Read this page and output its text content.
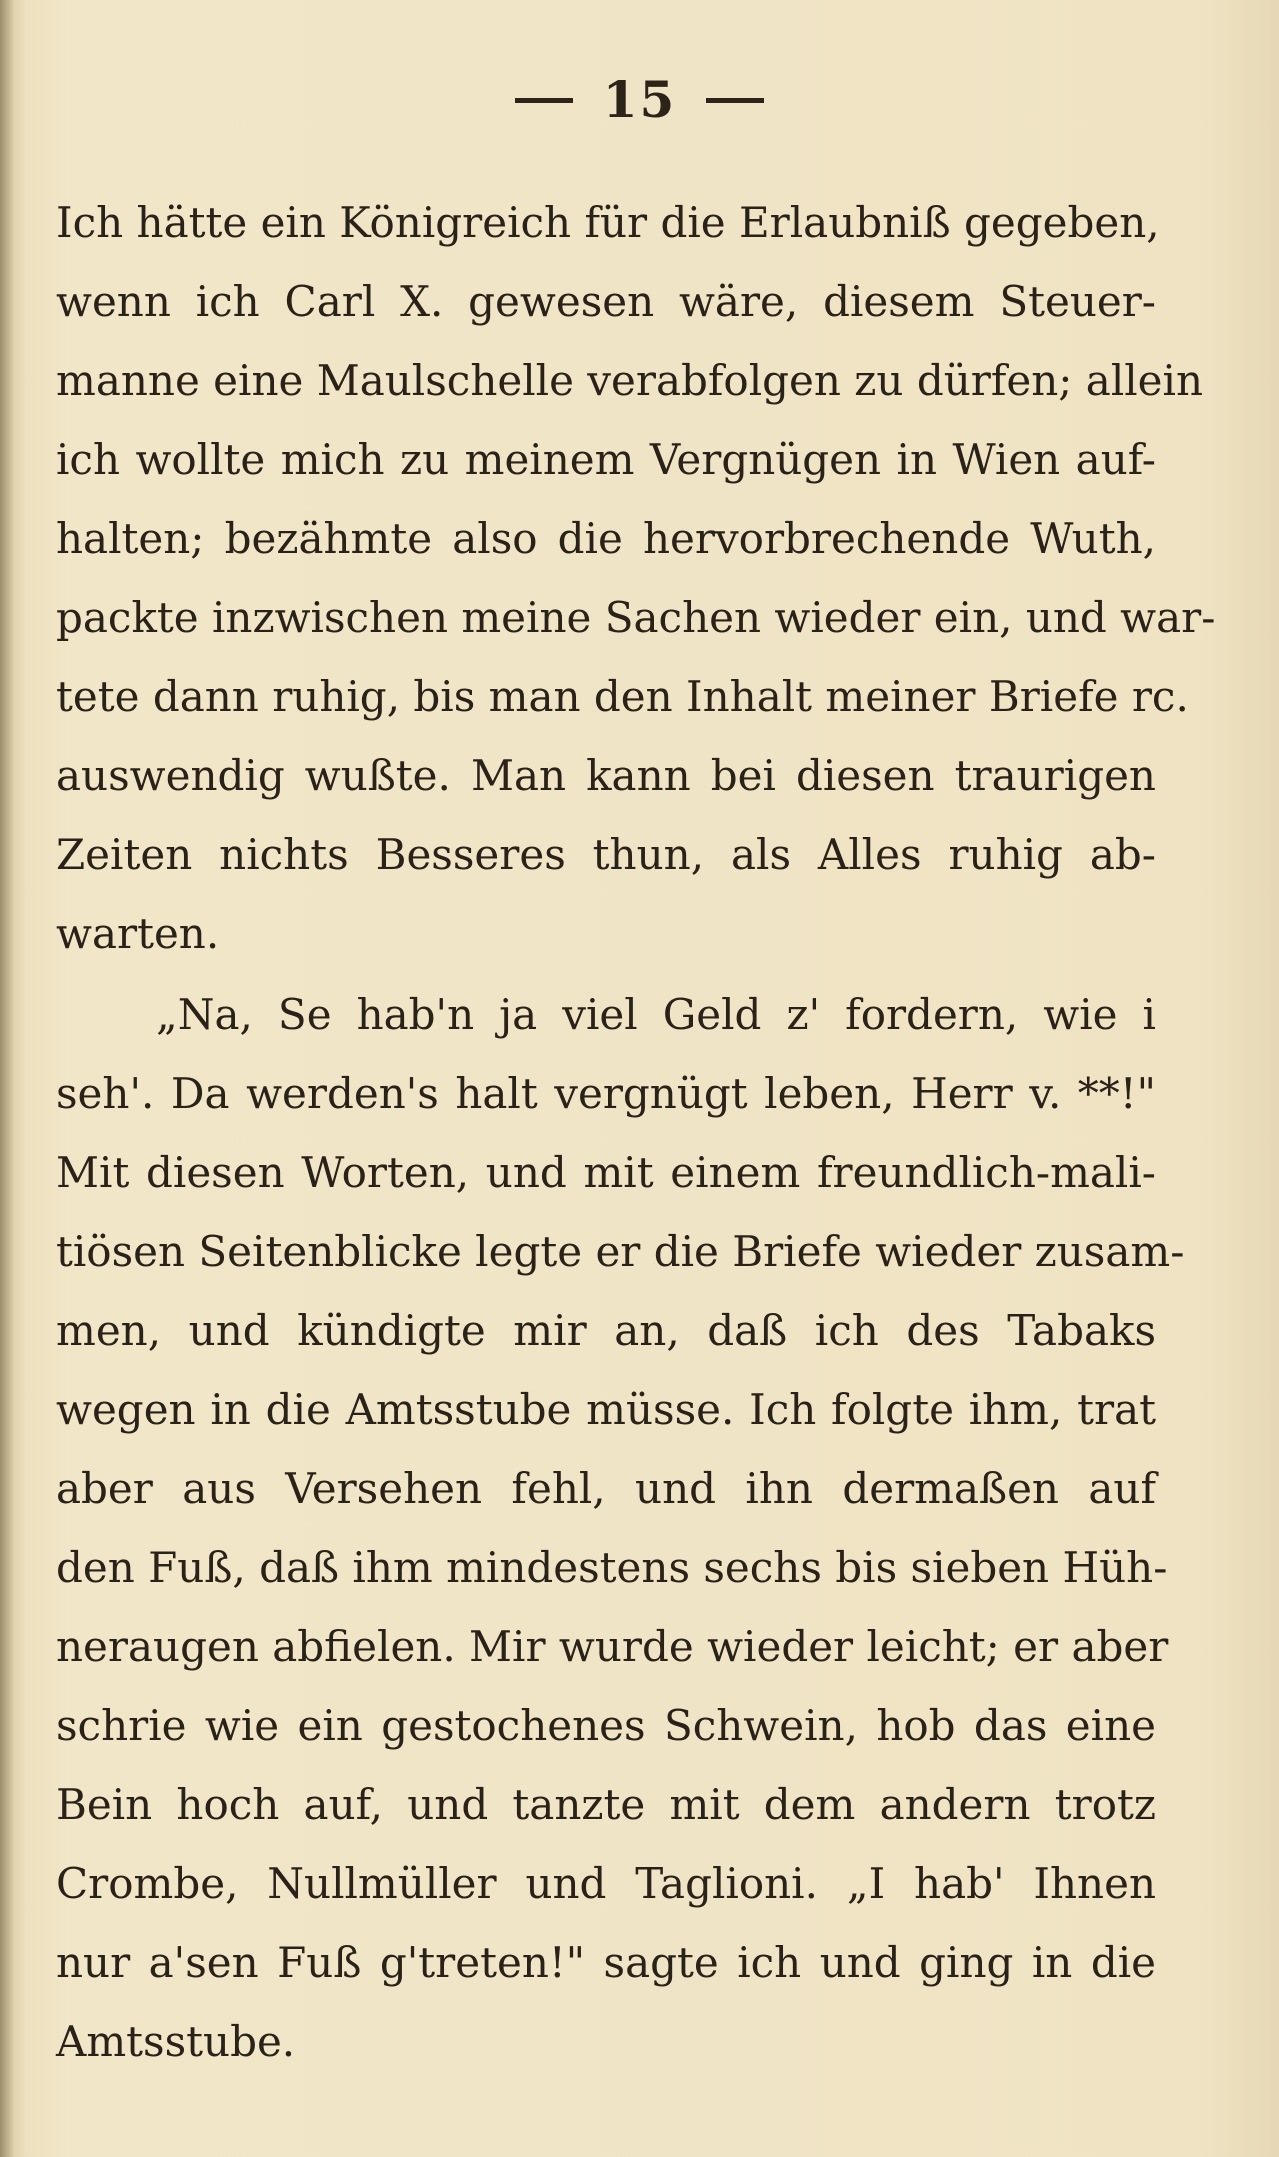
15
Ich hätte ein Königreich für die Erlaubniß gegeben,
wenn ich Carl X. gewesen wäre, diesem Steuer-
manne eine Maulschelle verabfolgen zu dürfen; allein
ich wollte mich zu meinem Vergnügen in Wien auf-
halten; bezähmte also die hervorbrechende Wuth,
packte inzwischen meine Sachen wieder ein, und war-
tete dann ruhig, bis man den Inhalt meiner Briefe rc.
auswendig wußte. Man kann bei diesen traurigen
Zeiten nichts Besseres thun, als Alles ruhig ab-
warten.
„Na, Se hab'n ja viel Geld z' fordern, wie i
seh'. Da werden's halt vergnügt leben, Herr v. **!"
Mit diesen Worten, und mit einem freundlich-mali-
tiösen Seitenblicke legte er die Briefe wieder zusam-
men, und kündigte mir an, daß ich des Tabaks
wegen in die Amtsstube müsse. Ich folgte ihm, trat
aber aus Versehen fehl, und ihn dermaßen auf
den Fuß, daß ihm mindestens sechs bis sieben Hüh-
neraugen abfielen. Mir wurde wieder leicht; er aber
schrie wie ein gestochenes Schwein, hob das eine
Bein hoch auf, und tanzte mit dem andern trotz
Crombe, Nullmüller und Taglioni. „I hab' Ihnen
nur a'sen Fuß g'treten!" sagte ich und ging in die
Amtsstube.
